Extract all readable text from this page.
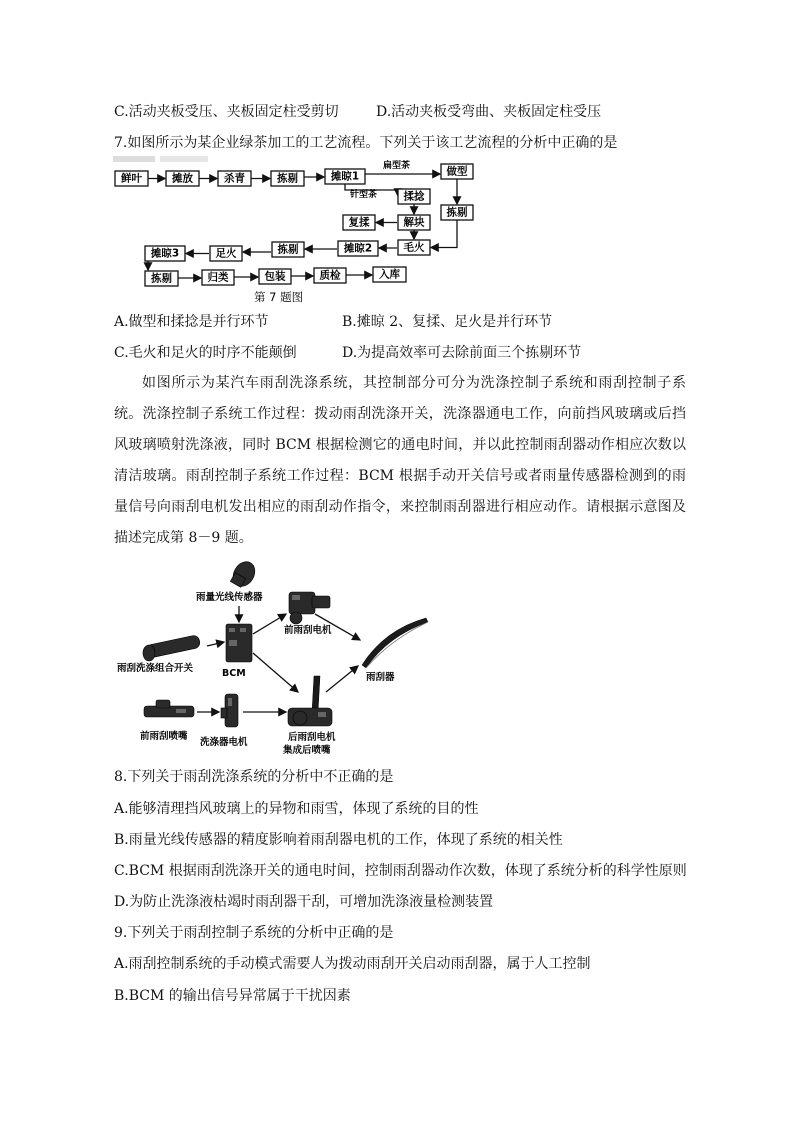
C.活动夹板受压、夹板固定柱受剪切	D.活动夹板受弯曲、夹板固定柱受压
7.如图所示为某企业绿茶加工的工艺流程。下列关于该工艺流程的分析中正确的是
鲜叶	摊放	杀青	拣剔	摊晾1	做型
扁型茶
针型茶	揉捻
拣剔
复揉	解块
毛火
摊晾2
摊晾3	足火	拣剔
拣剔	归类	包装	质检	入库
第 7 题图
A.做型和揉捻是并行环节	B.摊晾 2、复揉、足火是并行环节
C.毛火和足火的时序不能颠倒	D.为提高效率可去除前面三个拣剔环节
如图所示为某汽车雨刮洗涤系统，其控制部分可分为洗涤控制子系统和雨刮控制子系统。洗涤控制子系统工作过程：拨动雨刮洗涤开关，洗涤器通电工作，向前挡风玻璃或后挡风玻璃喷射洗涤液，同时 BCM 根据检测它的通电时间，并以此控制雨刮器动作相应次数以清洁玻璃。雨刮控制子系统工作过程：BCM 根据手动开关信号或者雨量传感器检测到的雨量信号向雨刮电机发出相应的雨刮动作指令，来控制雨刮器进行相应动作。请根据示意图及描述完成第 8－9 题。
雨量光线传感器
前雨刮电机
雨刮洗涤组合开关	BCM	雨刮器
前雨刮喷嘴
洗涤器电机	后雨刮电机
集成后喷嘴
8.下列关于雨刮洗涤系统的分析中不正确的是
A.能够清理挡风玻璃上的异物和雨雪，体现了系统的目的性
B.雨量光线传感器的精度影响着雨刮器电机的工作，体现了系统的相关性
C.BCM 根据雨刮洗涤开关的通电时间，控制雨刮器动作次数，体现了系统分析的科学性原则
D.为防止洗涤液枯竭时雨刮器干刮，可增加洗涤液量检测装置
9.下列关于雨刮控制子系统的分析中正确的是
A.雨刮控制系统的手动模式需要人为拨动雨刮开关启动雨刮器，属于人工控制
B.BCM 的输出信号异常属于干扰因素
